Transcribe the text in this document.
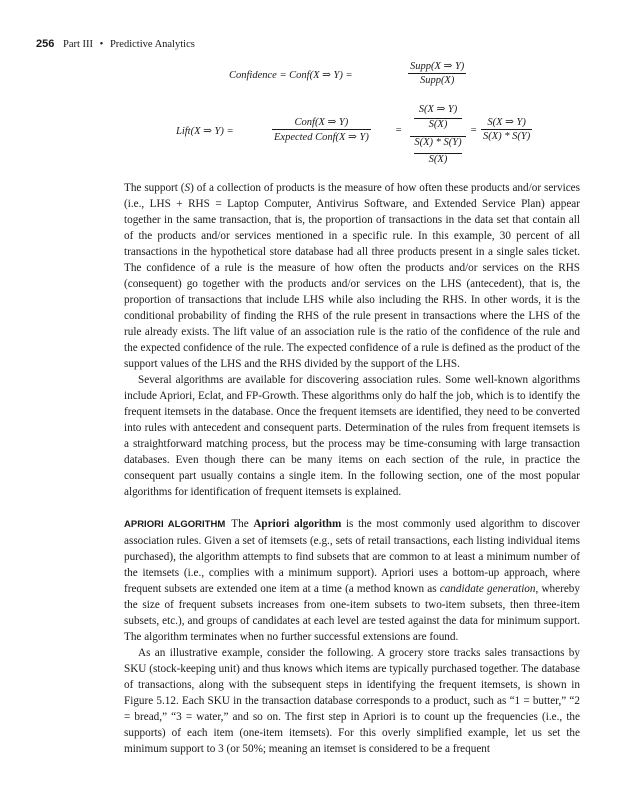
256 Part III • Predictive Analytics
Confidence = Conf(X ⇒ Y) =
Supp(X ⇒ Y)
Supp(X)
Lift(X ⇒ Y) =
Conf(X ⇒ Y)
Expected Conf(X ⇒ Y)
=
S(X ⇒ Y)
S(X)
S(X) * S(Y)
S(X)
= $\frac{S(X \Rightarrow Y)}{S(X) * S(Y)}$

The support (S) of a collection of products is the measure of how often these products and/or services (i.e., LHS + RHS = Laptop Computer, Antivirus Software, and Extended Service Plan) appear together in the same transaction, that is, the proportion of transactions in the data set that contain all of the products and/or services mentioned in a specific rule. In this example, 30 percent of all transactions in the hypothetical store database had all three products present in a single sales ticket. The confidence of a rule is the measure of how often the products and/or services on the RHS (consequent) go together with the products and/or services on the LHS (antecedent), that is, the proportion of transactions that include LHS while also including the RHS. In other words, it is the conditional probability of finding the RHS of the rule present in transactions where the LHS of the rule already exists. The lift value of an association rule is the ratio of the confidence of the rule and the expected confidence of the rule. The expected confidence of a rule is defined as the product of the support values of the LHS and the RHS divided by the support of the LHS.

Several algorithms are available for discovering association rules. Some well-known algorithms include Apriori, Eclat, and FP-Growth. These algorithms only do half the job, which is to identify the frequent itemsets in the database. Once the frequent itemsets are identified, they need to be converted into rules with antecedent and consequent parts. Determination of the rules from frequent itemsets is a straightforward matching process, but the process may be time-consuming with large transaction databases. Even though there can be many items on each section of the rule, in practice the consequent part usually contains a single item. In the following section, one of the most popular algorithms for identification of frequent itemsets is explained.

APRIORI ALGORITHM The Apriori algorithm is the most commonly used algorithm to discover association rules. Given a set of itemsets (e.g., sets of retail transactions, each listing individual items purchased), the algorithm attempts to find subsets that are common to at least a minimum number of the itemsets (i.e., complies with a minimum support). Apriori uses a bottom-up approach, where frequent subsets are extended one item at a time (a method known as candidate generation, whereby the size of frequent subsets increases from one-item subsets to two-item subsets, then three-item subsets, etc.), and groups of candidates at each level are tested against the data for minimum support. The algorithm terminates when no further successful extensions are found.

As an illustrative example, consider the following. A grocery store tracks sales transactions by SKU (stock-keeping unit) and thus knows which items are typically purchased together. The database of transactions, along with the subsequent steps in identifying the frequent itemsets, is shown in Figure 5.12. Each SKU in the transaction database corresponds to a product, such as “1 = butter,” “2 = bread,” “3 = water,” and so on. The first step in Apriori is to count up the frequencies (i.e., the supports) of each item (one-item itemsets). For this overly simplified example, let us set the minimum support to 3 (or 50%; meaning an itemset is considered to be a frequent
